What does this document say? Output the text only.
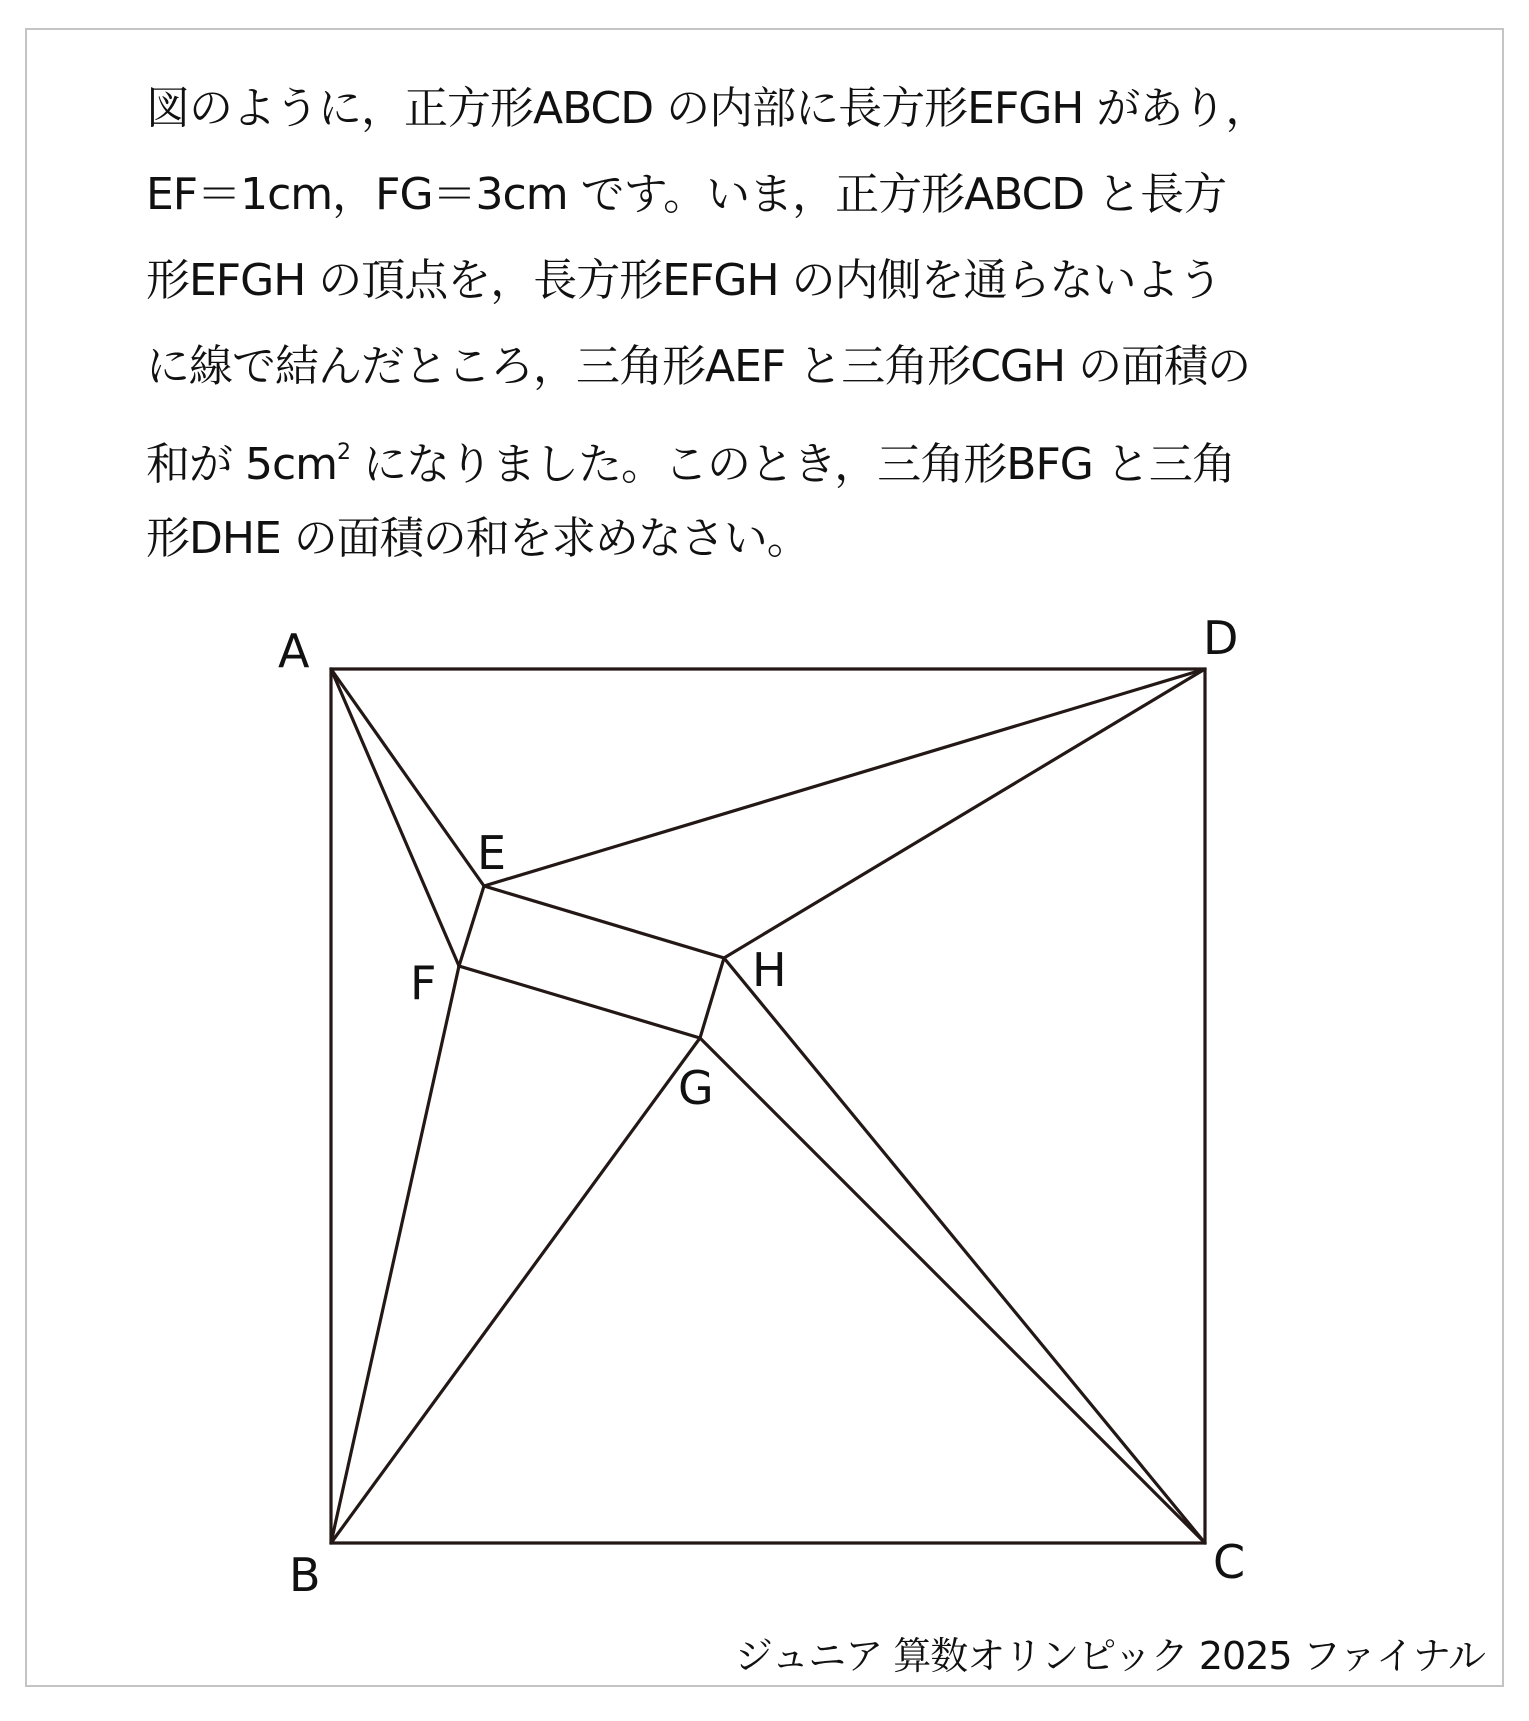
図のように，正方形ABCD の内部に長方形EFGH があり，
EF＝1cm，FG＝3cm です。いま，正方形ABCD と長方
形EFGH の頂点を，長方形EFGH の内側を通らないよう
に線で結んだところ，三角形AEF と三角形CGH の面積の
和が $5cm^2$ になりました。このとき，三角形BFG と三角
形DHE の面積の和を求めなさい。
A	D
B	C
E
F	H
G
ジュニア 算数オリンピック 2025 ファイナル
